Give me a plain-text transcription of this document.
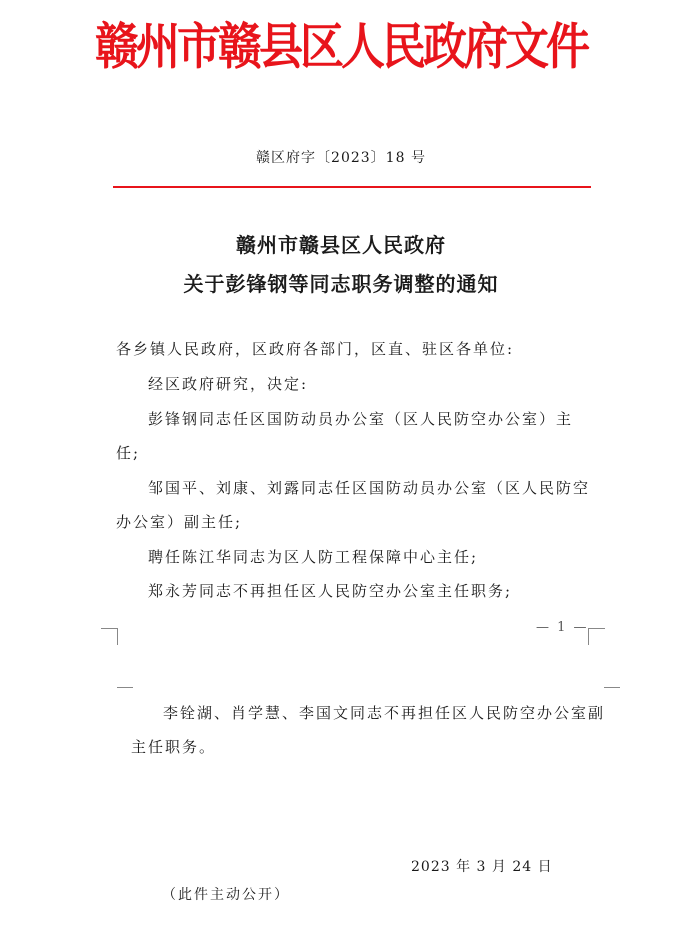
赣州市赣县区人民政府文件
赣区府字〔2023〕18 号
赣州市赣县区人民政府
关于彭锋钢等同志职务调整的通知
各乡镇人民政府，区政府各部门，区直、驻区各单位:
经区政府研究，决定:
彭锋钢同志任区国防动员办公室（区人民防空办公室）主
任;
邹国平、刘康、刘露同志任区国防动员办公室（区人民防空
办公室）副主任;
聘任陈江华同志为区人防工程保障中心主任;
郑永芳同志不再担任区人民防空办公室主任职务;
— 1 —
李铨湖、肖学慧、李国文同志不再担任区人民防空办公室副
主任职务。
2023 年 3 月 24 日
（此件主动公开）
